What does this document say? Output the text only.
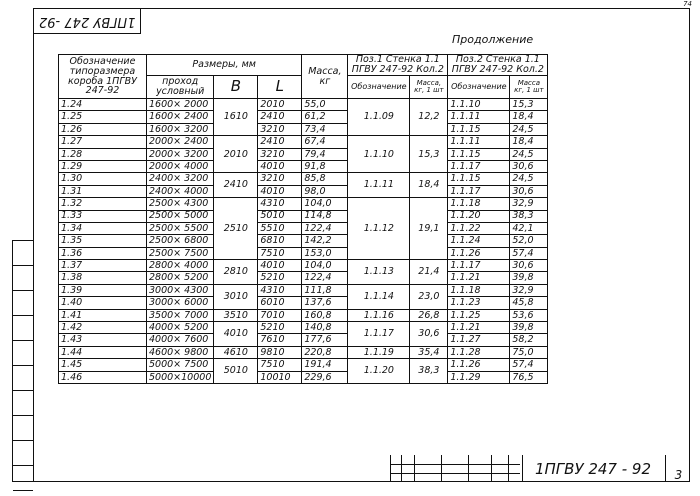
1ПГВУ 247 -92
Продолжение
74
Обозначение типоразмера короба 1ПГВУ 247-92	Размеры, мм			Масса, кг	Поз.1 Стенка 1.1 ПГВУ 247-92 Кол.2		Поз.2 Стенка 1.1 ПГВУ 247-92 Кол.2	
	проход условный	B	L					
					Обозначение	Масса, кг, 1 шт	Обозначение	Масса кг, 1 шт
1.24	1600× 2000	1610	2010	55,0	1.1.09	12,2	1.1.10	15,3
1.25	1600× 2400		2410	61,2			1.1.11	18,4
1.26	1600× 3200		3210	73,4			1.1.15	24,5
1.27	2000× 2400	2010	2410	67,4	1.1.10	15,3	1.1.11	18,4
1.28	2000× 3200		3210	79,4			1.1.15	24,5
1.29	2000× 4000		4010	91,8			1.1.17	30,6
1.30	2400× 3200	2410	3210	85,8	1.1.11	18,4	1.1.15	24,5
1.31	2400× 4000		4010	98,0			1.1.17	30,6
1.32	2500× 4300	2510	4310	104,0	1.1.12	19,1	1.1.18	32,9
1.33	2500× 5000		5010	114,8			1.1.20	38,3
1.34	2500× 5500		5510	122,4			1.1.22	42,1
1.35	2500× 6800		6810	142,2			1.1.24	52,0
1.36	2500× 7500		7510	153,0			1.1.26	57,4
1.37	2800× 4000	2810	4010	104,0	1.1.13	21,4	1.1.17	30,6
1.38	2800× 5200		5210	122,4			1.1.21	39,8
1.39	3000× 4300	3010	4310	111,8	1.1.14	23,0	1.1.18	32,9
1.40	3000× 6000		6010	137,6			1.1.23	45,8
1.41	3500× 7000	3510	7010	160,8	1.1.16	26,8	1.1.25	53,6
1.42	4000× 5200	4010	5210	140,8	1.1.17	30,6	1.1.21	39,8
1.43	4000× 7600		7610	177,6			1.1.27	58,2
1.44	4600× 9800	4610	9810	220,8	1.1.19	35,4	1.1.28	75,0
1.45	5000× 7500	5010	7510	191,4	1.1.20	38,3	1.1.26	57,4
1.46	5000×10000		10010	229,6			1.1.29	76,5
1ПГВУ 247 - 92	3
